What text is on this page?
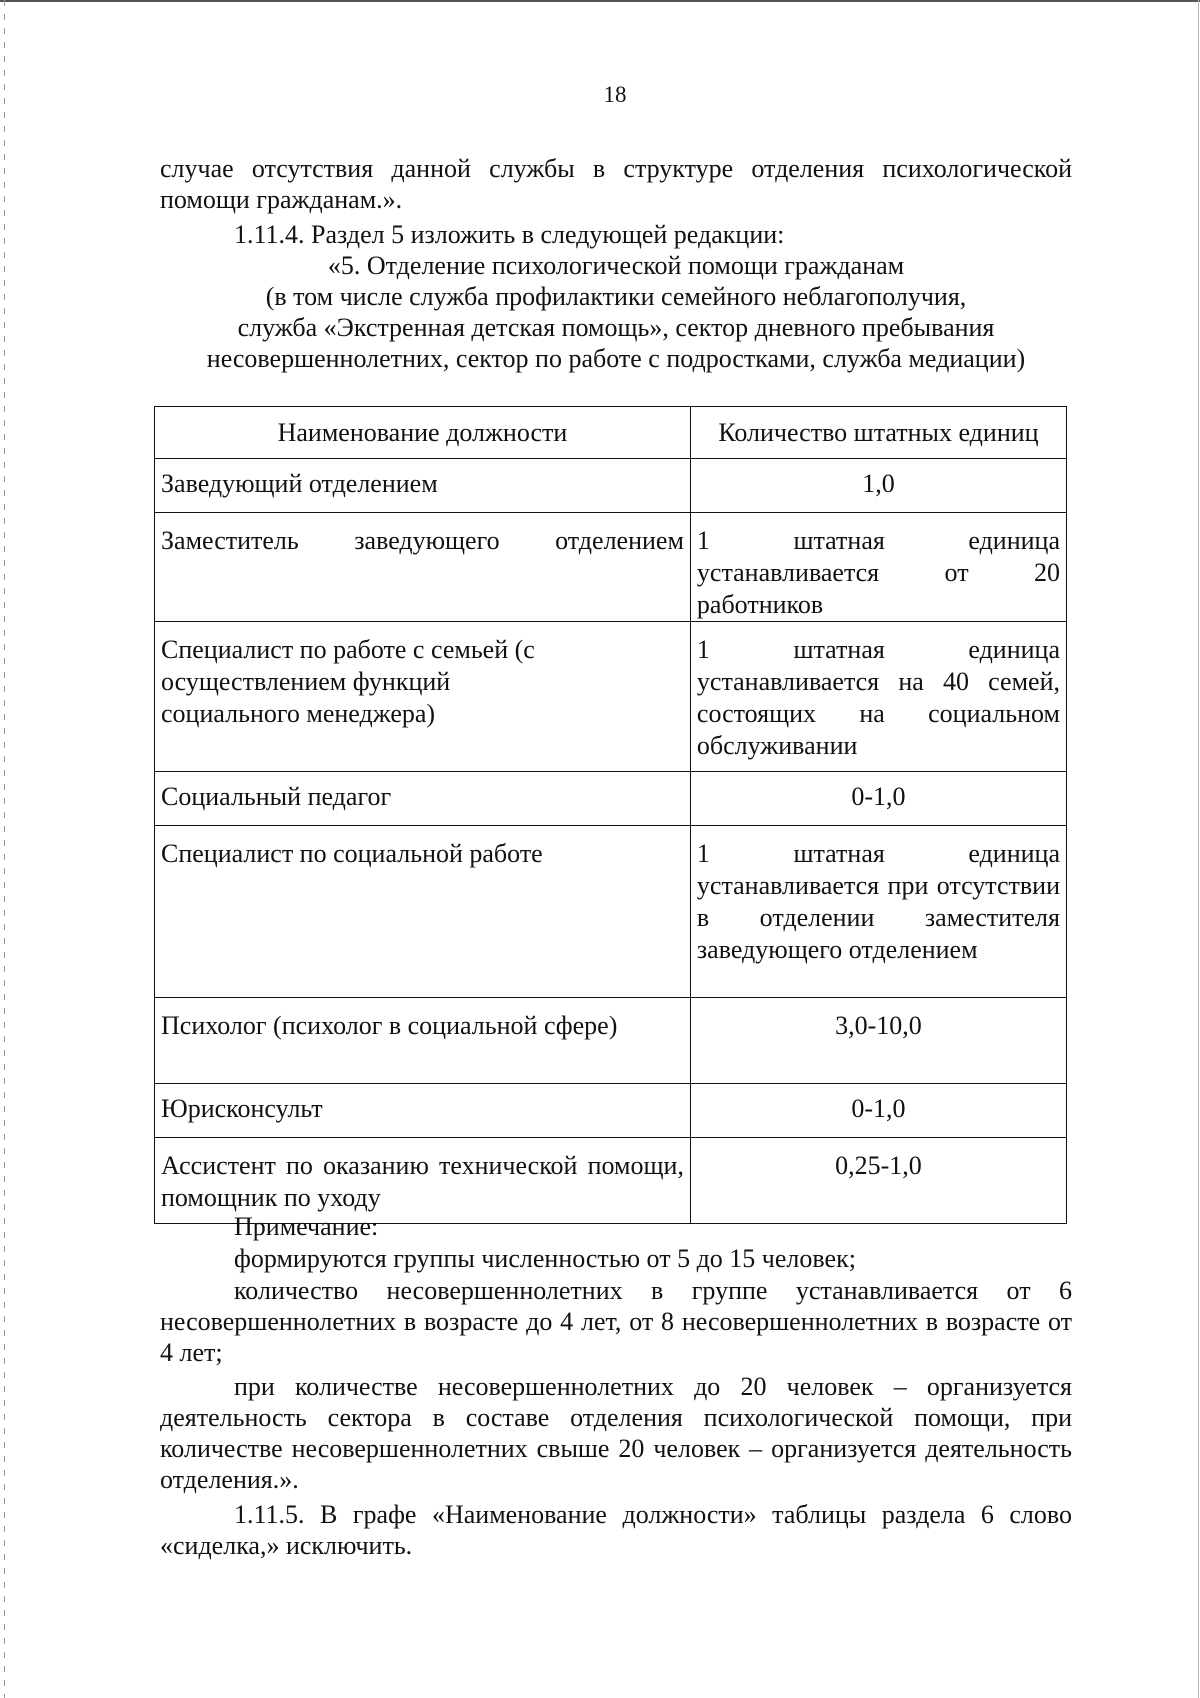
18

случае отсутствия данной службы в структуре отделения психологической помощи гражданам.».

1.11.4. Раздел 5 изложить в следующей редакции:

«5. Отделение психологической помощи гражданам
(в том числе служба профилактики семейного неблагополучия,
служба «Экстренная детская помощь», сектор дневного пребывания
несовершеннолетних, сектор по работе с подростками, служба медиации)
Наименование должности	Количество штатных единиц
Заведующий отделением	1,0

Заместитель заведующего отделением	1 штатная единица устанавливается от 20 работников
Специалист по работе с семьей (с осуществлением функций социального менеджера)	1 штатная единица устанавливается на 40 семей, состоящих на социальном обслуживании
Социальный педагог	0-1,0
Специалист по социальной работе	1 штатная единица устанавливается при отсутствии в отделении заместителя заведующего отделением
Психолог (психолог в социальной сфере)	3,0-10,0
Юрисконсульт	0-1,0
Ассистент по оказанию технической помощи, помощник по уходу	0,25-1,0

Примечание:

формируются группы численностью от 5 до 15 человек;

количество несовершеннолетних в группе устанавливается от 6 несовершеннолетних в возрасте до 4 лет, от 8 несовершеннолетних в возрасте от 4 лет;

при количестве несовершеннолетних до 20 человек – организуется деятельность сектора в составе отделения психологической помощи, при количестве несовершеннолетних свыше 20 человек – организуется деятельность отделения.».

1.11.5. В графе «Наименование должности» таблицы раздела 6 слово «сиделка,» исключить.
